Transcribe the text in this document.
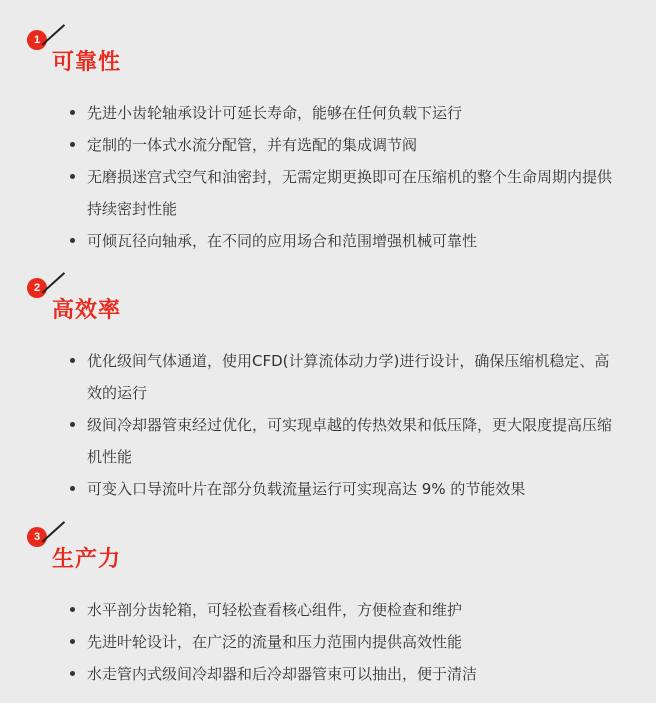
1
可靠性
先进小齿轮轴承设计可延长寿命，能够在任何负载下运行
定制的一体式水流分配管，并有选配的集成调节阀
无磨损迷宫式空气和油密封，无需定期更换即可在压缩机的整个生命周期内提供持续密封性能
可倾瓦径向轴承，在不同的应用场合和范围增强机械可靠性
2
高效率
优化级间气体通道，使用CFD(计算流体动力学)进行设计，确保压缩机稳定、高效的运行
级间冷却器管束经过优化，可实现卓越的传热效果和低压降，更大限度提高压缩机性能
可变入口导流叶片在部分负载流量运行可实现高达 9% 的节能效果
3
生产力
水平剖分齿轮箱，可轻松查看核心组件，方便检查和维护
先进叶轮设计，在广泛的流量和压力范围内提供高效性能
水走管内式级间冷却器和后冷却器管束可以抽出，便于清洁
